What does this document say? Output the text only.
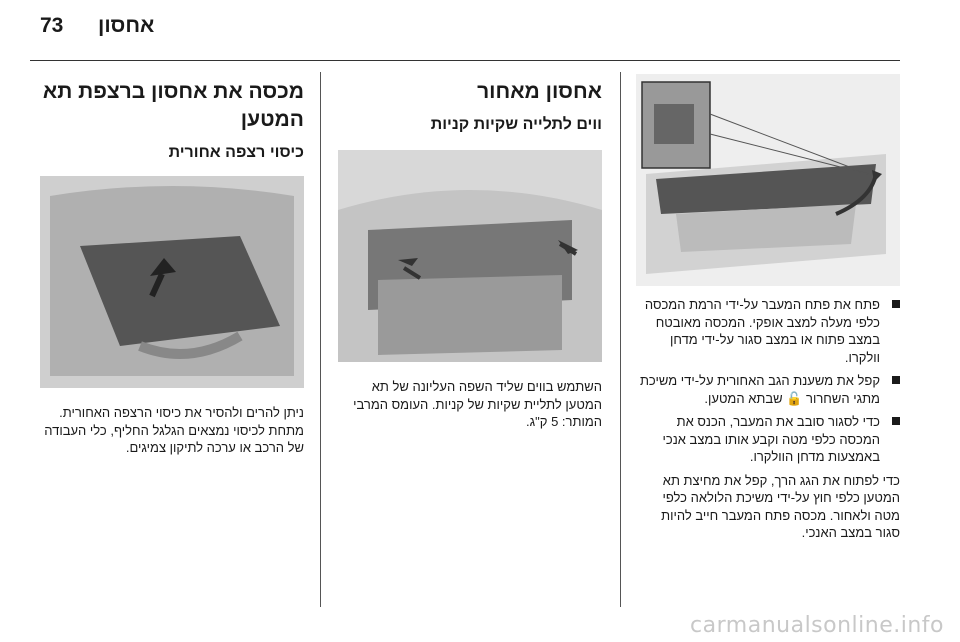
73 אחסון
פתח את פתח המעבר על-ידי הרמת המכסה כלפי מעלה למצב אופקי. המכסה מאובטח במצב פתוח או במצב סגור על-ידי מדחן וולקרו.
קפל את משענת הגב האחורית על-ידי משיכת מתגי השחרור 🔓 שבתא המטען.
כדי לסגור סובב את המעבר, הכנס את המכסה כלפי מטה וקבע אותו במצב אנכי באמצעות מדחן הוולקרו.

כדי לפתוח את הגג הרך, קפל את מחיצת תא המטען כלפי חוץ על-ידי משיכת הלולאה כלפי מטה ולאחור. מכסה פתח המעבר חייב להיות סגור במצב האנכי.

אחסון מאחור
ווים לתלייה שקיות קניות

השתמש בווים שליד השפה העליונה של תא המטען לתליית שקיות של קניות. העומס המרבי המותר: 5 ק"ג.

מכסה את אחסון ברצפת תא המטען
כיסוי רצפה אחורית

ניתן להרים ולהסיר את כיסוי הרצפה האחורית. מתחת לכיסוי נמצאים הגלגל החליף, כלי העבודה של הרכב או ערכה לתיקון צמיגים.

carmanualsonline.info
